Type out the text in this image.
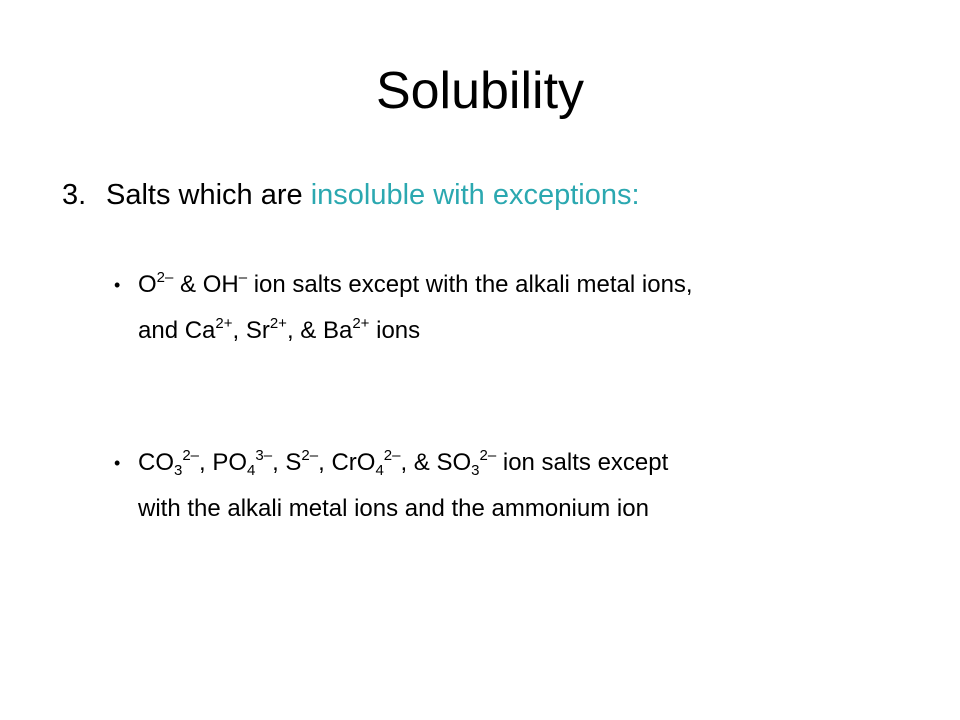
Solubility
3. Salts which are insoluble with exceptions:
• $O^{2-}$ & OH– ion salts except with the alkali metal ions,
and $Ca^{2+}$, $Sr^{2+}$, & $Ba^{2+}$ ions
• $CO_3^{2-}$, $PO_4^{3-}$, $S^{2-}$, CrO$_4^{2-}$, & $SO_3^{2-}$ ion salts except
with the alkali metal ions and the ammonium ion
